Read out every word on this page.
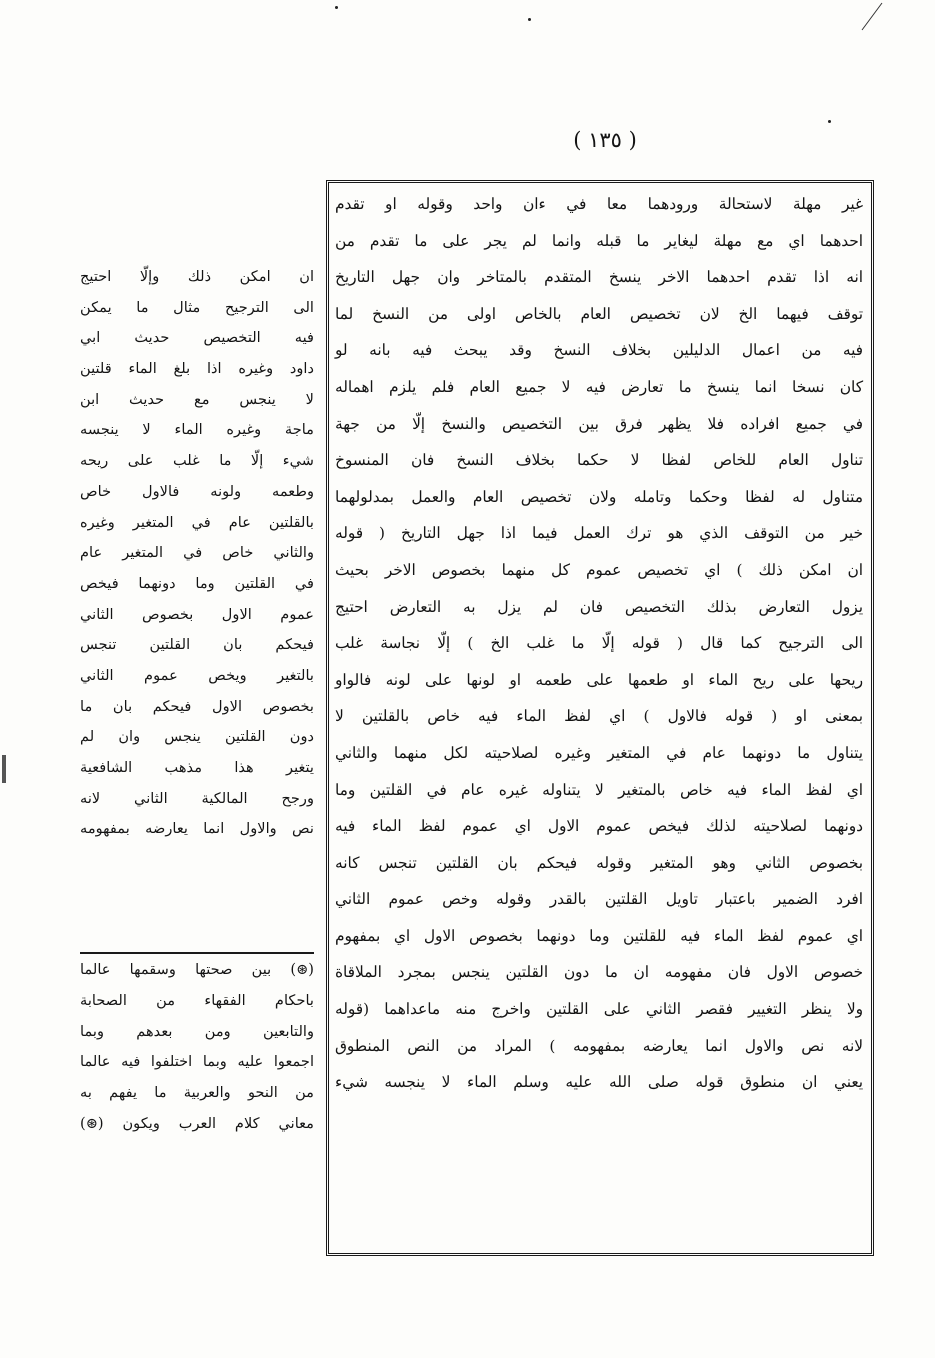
( ١٣٥ )
غير مهلة لاستحالة ورودهما معا في ءان واحد وقوله او تقدم
احدهما اي مع مهلة ليغاير ما قبله وانما لم يجر على ما تقدم من
انه اذا تقدم احدهما الاخر ينسخ المتقدم بالمتاخر وان جهل التاريخ
توقف فيهما الخ لان تخصيص العام بالخاص اولى من النسخ لما
فيه من اعمال الدليلين بخلاف النسخ وقد يبحث فيه بانه لو
كان نسخا انما ينسخ ما تعارض فيه لا جميع العام فلم يلزم اهماله
في جميع افراده فلا يظهر فرق بين التخصيص والنسخ إلّا من جهة
تناول العام للخاص لفظا لا حكما بخلاف النسخ فان المنسوخ
متناول له لفظا وحكما وتامله ولان تخصيص العام والعمل بمدلولهما
خير من التوقف الذي هو ترك العمل فيما اذا جهل التاريخ ( قوله
ان امكن ذلك ) اي تخصيص عموم كل منهما بخصوص الاخر بحيث
يزول التعارض بذلك التخصيص فان لم يزل به التعارض احتيج
الى الترجيح كما قال ( قوله إلّا ما غلب الخ ) إلّا نجاسة غلب
ريحها على ريح الماء او طعمها على طعمه او لونها على لونه فالواو
بمعنى او ( قوله فالاول ) اي لفظ الماء فيه خاص بالقلتين لا
يتناول ما دونهما عام في المتغير وغيره لصلاحيته لكل منهما والثاني
اي لفظ الماء فيه خاص بالمتغير لا يتناوله غيره عام في القلتين وما
دونهما لصلاحيته لذلك فيخص عموم الاول اي عموم لفظ الماء فيه
بخصوص الثاني وهو المتغير وقوله فيحكم بان القلتين تنجس كانه
افرد الضمير باعتبار تاويل القلتين بالقدر وقوله وخص عموم الثاني
اي عموم لفظ الماء فيه للقلتين وما دونهما بخصوص الاول اي بمفهوم
خصوص الاول فان مفهومه ان ما دون القلتين ينجس بمجرد الملاقاة
ولا ينظر التغيير فقصر الثاني على القلتين واخرج منه ماعداهما (قوله
لانه نص والاول انما يعارضه بمفهومه ) المراد من النص المنطوق
يعني ان منطوق قوله صلى الله عليه وسلم الماء لا ينجسه شيء
ان امكن ذلك وإلّا احتيج
الى الترجيح مثال ما يمكن
فيه التخصيص حديث ابي
داود وغيره اذا بلغ الماء قلتين
لا ينجس مع حديث ابن
ماجة وغيره الماء لا ينجسه
شيء إلّا ما غلب على ريحه
وطعمه ولونه فالاول خاص
بالقلتين عام في المتغير وغيره
والثاني خاص في المتغير عام
في القلتين وما دونهما فيخص
عموم الاول بخصوص الثاني
فيحكم بان القلتين تنجس
بالتغير ويخص عموم الثاني
بخصوص الاول فيحكم بان ما
دون القلتين ينجس وان لم
يتغير هذا مذهب الشافعية
ورجح المالكية الثاني لانه
نص والاول انما يعارضه بمفهومه
(⊛) بين صحتها وسقمها عالما
باحكام الفقهاء من الصحابة
والتابعين ومن بعدهم وبما
اجمعوا عليه وبما اختلفوا فيه عالما
من النحو والعربية ما يفهم به
معاني كلام العرب ويكون (⊛)
